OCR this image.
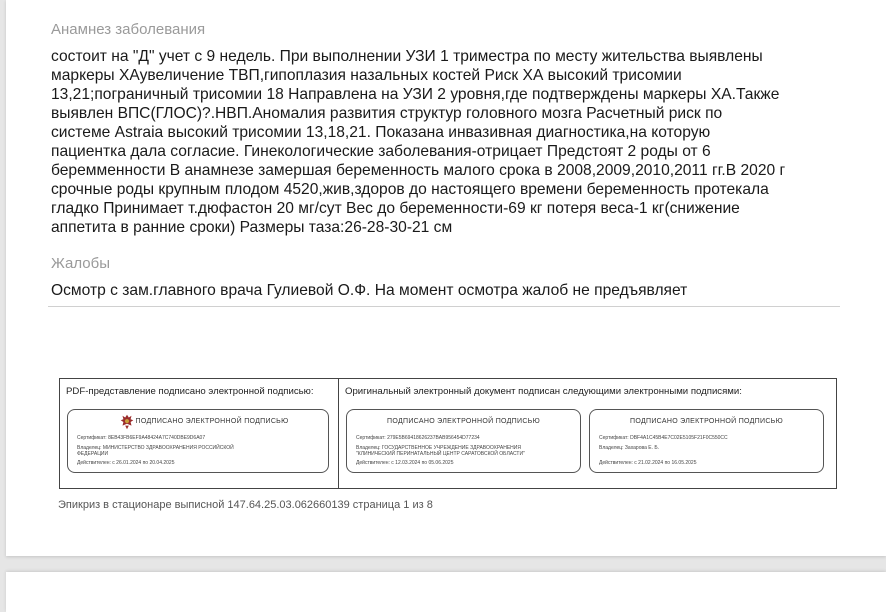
Анамнез заболевания
состоит на "Д" учет с 9 недель. При выполнении УЗИ 1 триместра по месту жительства выявлены
маркеры ХАувеличение ТВП,гипоплазия назальных костей Риск ХА высокий трисомии
13,21;пограничный трисомии 18 Направлена на УЗИ 2 уровня,где подтверждены маркеры ХА.Также
выявлен ВПС(ГЛОС)?.НВП.Аномалия развития структур головного мозга Расчетный риск по
системе Astraia высокий трисомии 13,18,21. Показана инвазивная диагностика,на которую
пациентка дала согласие. Гинекологические заболевания-отрицает Предстоят 2 роды от 6
беремменности В анамнезе замершая беременность малого срока в 2008,2009,2010,2011 гг.В 2020 г
срочные роды крупным плодом 4520,жив,здоров до настоящего времени беременность протекала
гладко Принимает т.дюфастон 20 мг/сут Вес до беременности-69 кг потеря веса-1 кг(снижение
аппетита в ранние сроки) Размеры таза:26-28-30-21 см
Жалобы
Осмотр с зам.главного врача Гулиевой О.Ф. На момент осмотра жалоб не предъявляет
PDF-представление подписано электронной подписью:
ПОДПИСАНО ЭЛЕКТРОННОЙ ПОДПИСЬЮ
Сертификат: 8EB43FB6EF9A48424A7C740DBE9D6A07
Владелец: МИНИСТЕРСТВО ЗДРАВООХРАНЕНИЯ РОССИЙСКОЙ
ФЕДЕРАЦИИ
Действителен: с 26.01.2024 по 20.04.2025
Оригинальный электронный документ подписан следующими электронными подписями:
ПОДПИСАНО ЭЛЕКТРОННОЙ ПОДПИСЬЮ
Сертификат: 279E5B69418626237BAB956454D77234
Владелец: ГОСУДАРСТВЕННОЕ УЧРЕЖДЕНИЕ ЗДРАВООХРАНЕНИЯ
"КЛИНИЧЕСКИЙ ПЕРИНАТАЛЬНЫЙ ЦЕНТР САРАТОВСКОЙ ОБЛАСТИ"
Действителен: с 12.03.2024 по 05.06.2025
ПОДПИСАНО ЭЛЕКТРОННОЙ ПОДПИСЬЮ
Сертификат: DBF4A1C45B4E7C02E5105F21F0C550CC
Владелец: Захарова Е. Б.
Действителен: с 21.02.2024 по 16.05.2025
Эпикриз в стационаре выписной 147.64.25.03.062660139 страница 1 из 8
